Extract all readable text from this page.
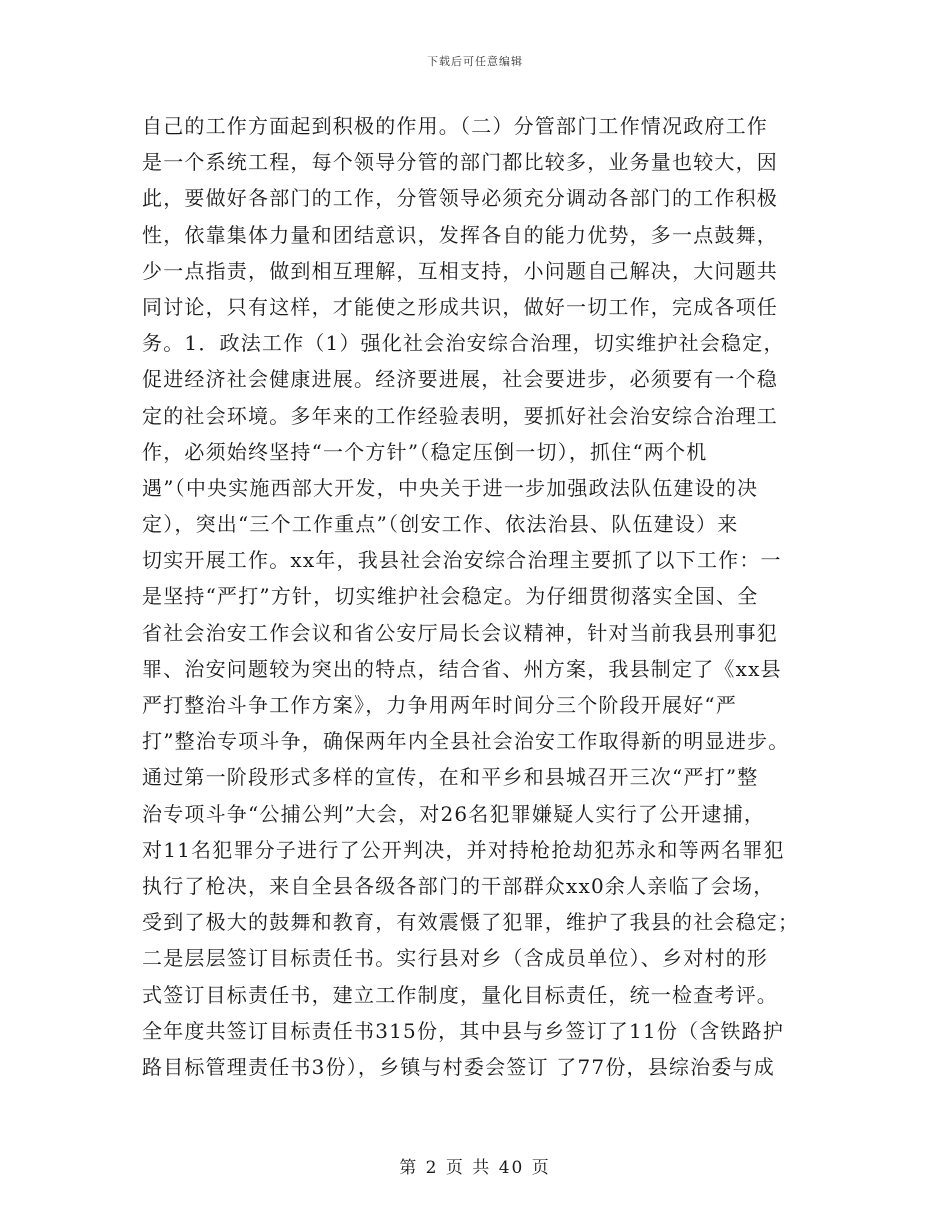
下载后可任意编辑
自己的工作方面起到积极的作用。（二）分管部门工作情况政府工作
是一个系统工程，每个领导分管的部门都比较多，业务量也较大，因
此，要做好各部门的工作，分管领导必须充分调动各部门的工作积极
性，依靠集体力量和团结意识，发挥各自的能力优势，多一点鼓舞，
少一点指责，做到相互理解，互相支持，小问题自己解决，大问题共
同讨论，只有这样，才能使之形成共识，做好一切工作，完成各项任
务。1．政法工作（1）强化社会治安综合治理，切实维护社会稳定，
促进经济社会健康进展。经济要进展，社会要进步，必须要有一个稳
定的社会环境。多年来的工作经验表明，要抓好社会治安综合治理工
作，必须始终坚持“一个方针”（稳定压倒一切），抓住“两个机
遇”（中央实施西部大开发，中央关于进一步加强政法队伍建设的决
定），突出“三个工作重点”（创安工作、依法治县、队伍建设）来
切实开展工作。xx年，我县社会治安综合治理主要抓了以下工作：一
是坚持“严打”方针，切实维护社会稳定。为仔细贯彻落实全国、全
省社会治安工作会议和省公安厅局长会议精神，针对当前我县刑事犯
罪、治安问题较为突出的特点，结合省、州方案，我县制定了《xx县
严打整治斗争工作方案》，力争用两年时间分三个阶段开展好“严
打”整治专项斗争，确保两年内全县社会治安工作取得新的明显进步。
通过第一阶段形式多样的宣传，在和平乡和县城召开三次“严打”整
治专项斗争“公捕公判”大会，对26名犯罪嫌疑人实行了公开逮捕，
对11名犯罪分子进行了公开判决，并对持枪抢劫犯苏永和等两名罪犯
执行了枪决，来自全县各级各部门的干部群众xx0余人亲临了会场，
受到了极大的鼓舞和教育，有效震慑了犯罪，维护了我县的社会稳定；
二是层层签订目标责任书。实行县对乡（含成员单位）、乡对村的形
式签订目标责任书，建立工作制度，量化目标责任，统一检查考评。
全年度共签订目标责任书315份，其中县与乡签订了11份（含铁路护
路目标管理责任书3份），乡镇与村委会签订 了77份，县综治委与成
第 2 页 共 40 页
